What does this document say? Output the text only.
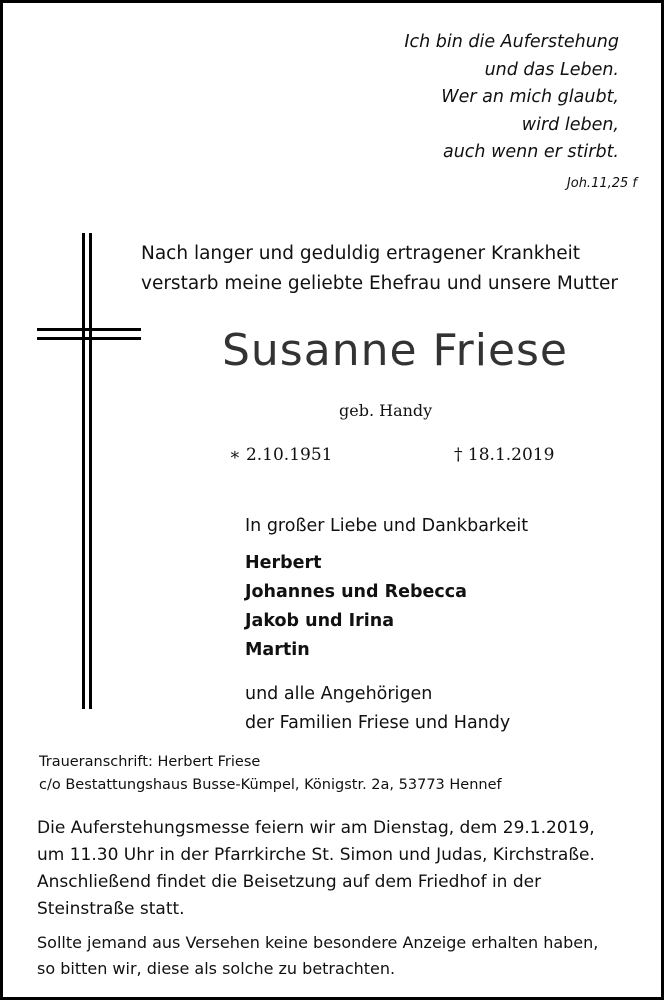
Ich bin die Auferstehung
und das Leben.
Wer an mich glaubt,
wird leben,
auch wenn er stirbt.
Joh.11,25 f
Nach langer und geduldig ertragener Krankheit
verstarb meine geliebte Ehefrau und unsere Mutter
Susanne Friese
geb. Handy
∗ 2.10.1951	† 18.1.2019
In großer Liebe und Dankbarkeit
Herbert
Johannes und Rebecca
Jakob und Irina
Martin
und alle Angehörigen
der Familien Friese und Handy
Traueranschrift: Herbert Friese
c/o Bestattungshaus Busse-Kümpel, Königstr. 2a, 53773 Hennef

Die Auferstehungsmesse feiern wir am Dienstag, dem 29.1.2019,

um 11.30 Uhr in der Pfarrkirche St. Simon und Judas, Kirchstraße.

Anschließend findet die Beisetzung auf dem Friedhof in der

Steinstraße statt.

Sollte jemand aus Versehen keine besondere Anzeige erhalten haben,
so bitten wir, diese als solche zu betrachten.
